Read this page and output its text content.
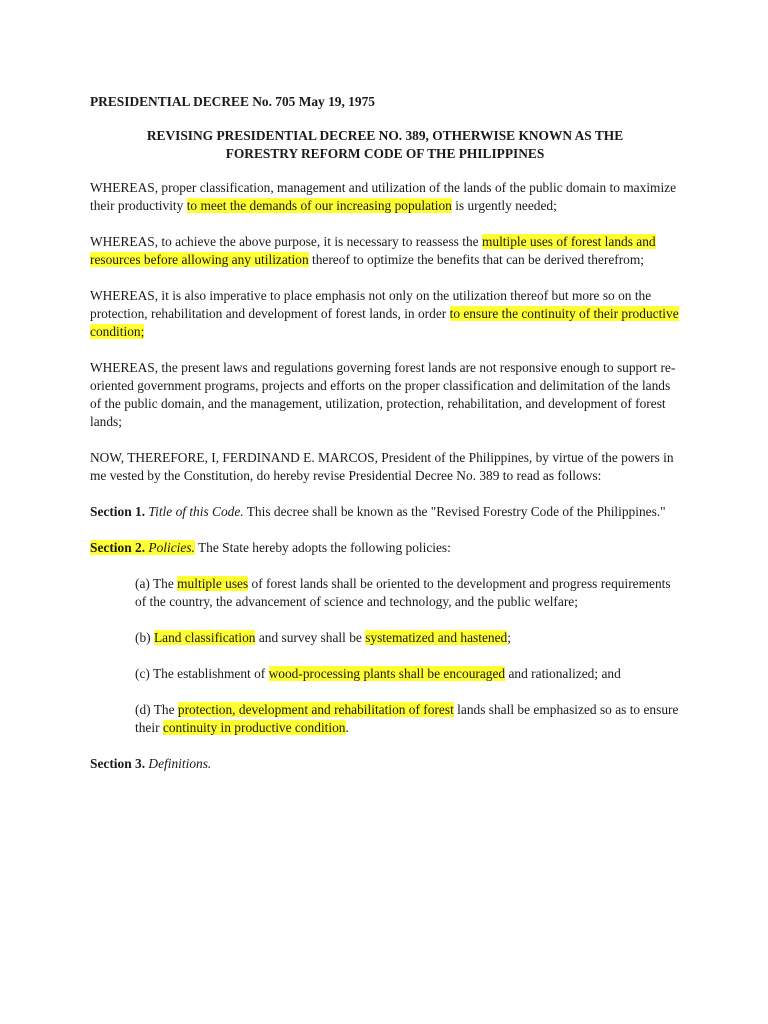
PRESIDENTIAL DECREE No. 705 May 19, 1975

REVISING PRESIDENTIAL DECREE NO. 389, OTHERWISE KNOWN AS THE
FORESTRY REFORM CODE OF THE PHILIPPINES

WHEREAS, proper classification, management and utilization of the lands of the public domain to maximize their productivity to meet the demands of our increasing population is urgently needed;

WHEREAS, to achieve the above purpose, it is necessary to reassess the multiple uses of forest lands and resources before allowing any utilization thereof to optimize the benefits that can be derived therefrom;

WHEREAS, it is also imperative to place emphasis not only on the utilization thereof but more so on the protection, rehabilitation and development of forest lands, in order to ensure the continuity of their productive condition;

WHEREAS, the present laws and regulations governing forest lands are not responsive enough to support re-oriented government programs, projects and efforts on the proper classification and delimitation of the lands of the public domain, and the management, utilization, protection, rehabilitation, and development of forest lands;

NOW, THEREFORE, I, FERDINAND E. MARCOS, President of the Philippines, by virtue of the powers in me vested by the Constitution, do hereby revise Presidential Decree No. 389 to read as follows:

Section 1. Title of this Code. This decree shall be known as the "Revised Forestry Code of the Philippines."

Section 2. Policies. The State hereby adopts the following policies:

(a) The multiple uses of forest lands shall be oriented to the development and progress requirements of the country, the advancement of science and technology, and the public welfare;

(b) Land classification and survey shall be systematized and hastened;

(c) The establishment of wood-processing plants shall be encouraged and rationalized; and

(d) The protection, development and rehabilitation of forest lands shall be emphasized so as to ensure their continuity in productive condition.

Section 3. Definitions.
